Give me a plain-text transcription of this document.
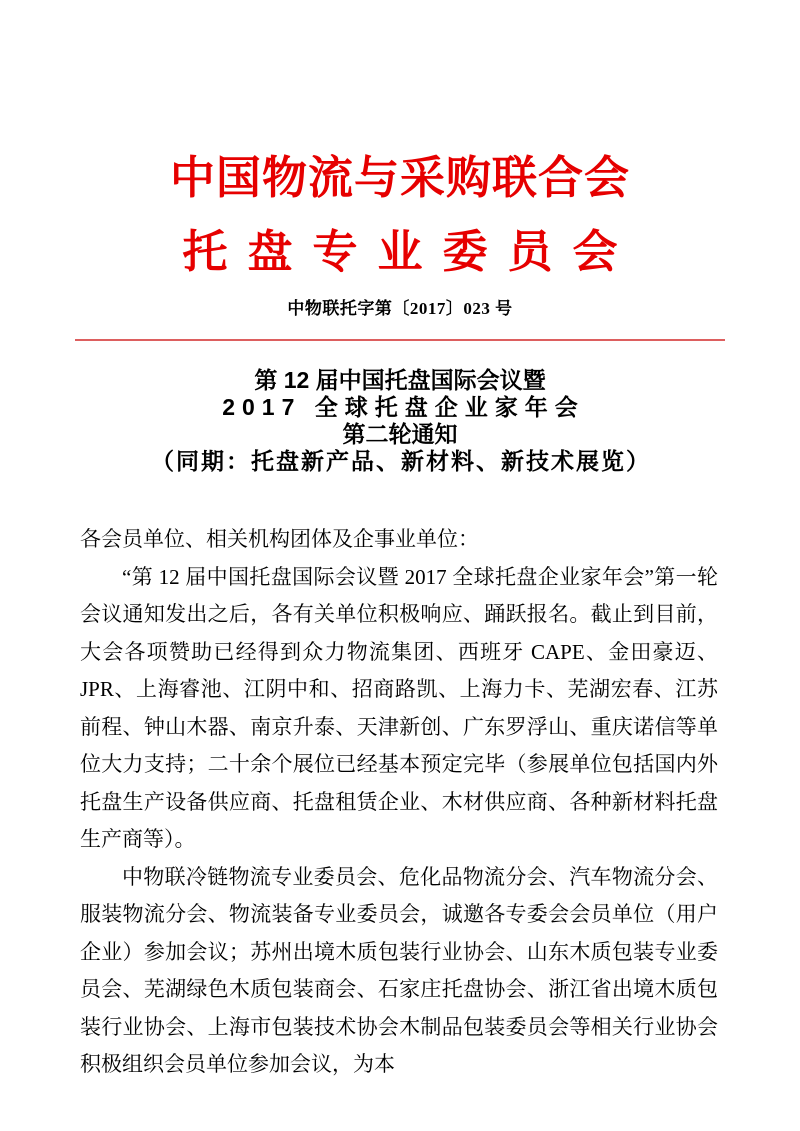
中国物流与采购联合会
托盘专业委员会
中物联托字第〔2017〕023 号
第 12 届中国托盘国际会议暨
2017 全球托盘企业家年会
第二轮通知
（同期：托盘新产品、新材料、新技术展览）

各会员单位、相关机构团体及企事业单位：

“第 12 届中国托盘国际会议暨 2017 全球托盘企业家年会”第一轮会议通知发出之后，各有关单位积极响应、踊跃报名。截止到目前，大会各项赞助已经得到众力物流集团、西班牙 CAPE、金田豪迈、JPR、上海睿池、江阴中和、招商路凯、上海力卡、芜湖宏春、江苏前程、钟山木器、南京升泰、天津新创、广东罗浮山、重庆诺信等单位大力支持；二十余个展位已经基本预定完毕（参展单位包括国内外托盘生产设备供应商、托盘租赁企业、木材供应商、各种新材料托盘生产商等）。

中物联冷链物流专业委员会、危化品物流分会、汽车物流分会、服装物流分会、物流装备专业委员会，诚邀各专委会会员单位（用户企业）参加会议；苏州出境木质包装行业协会、山东木质包装专业委员会、芜湖绿色木质包装商会、石家庄托盘协会、浙江省出境木质包装行业协会、上海市包装技术协会木制品包装委员会等相关行业协会积极组织会员单位参加会议，为本
